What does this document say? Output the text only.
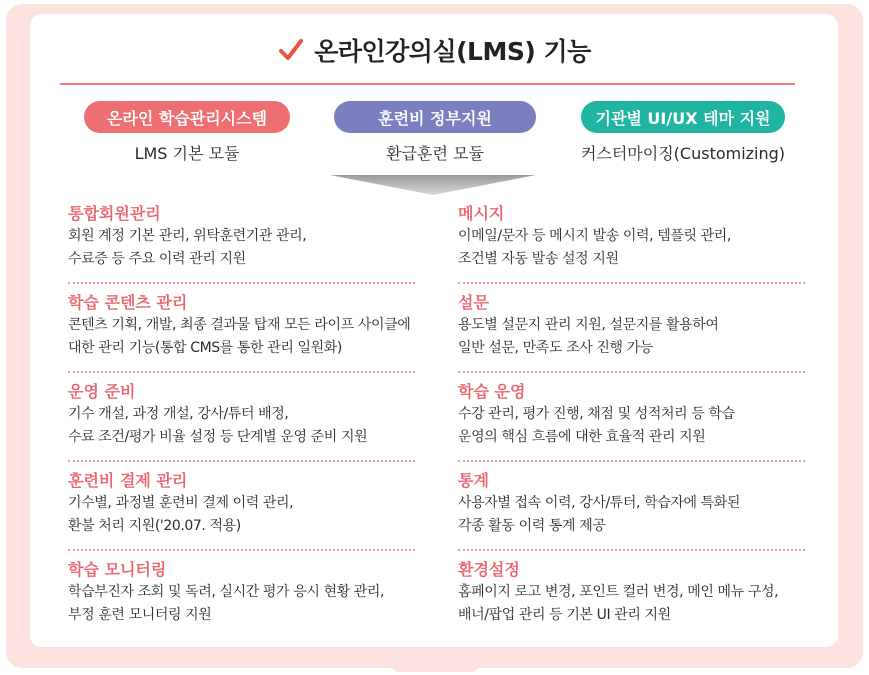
온라인강의실(LMS) 기능
온라인 학습관리시스템	훈련비 정부지원	기관별 UI/UX 테마 지원
LMS 기본 모듈	환급훈련 모듈	커스터마이징(Customizing)
통합회원관리
회원 계정 기본 관리, 위탁훈련기관 관리,
수료증 등 주요 이력 관리 지원
학습 콘텐츠 관리
콘텐츠 기획, 개발, 최종 결과물 탑재 모든 라이프 사이클에
대한 관리 기능(통합 CMS를 통한 관리 일원화)
운영 준비
기수 개설, 과정 개설, 강사/튜터 배정,
수료 조건/평가 비율 설정 등 단계별 운영 준비 지원
훈련비 결제 관리
기수별, 과정별 훈련비 결제 이력 관리,
환불 처리 지원('20.07. 적용)
학습 모니터링
학습부진자 조회 및 독려, 실시간 평가 응시 현황 관리,
부정 훈련 모니터링 지원
메시지
이메일/문자 등 메시지 발송 이력, 템플릿 관리,
조건별 자동 발송 설정 지원
설문
용도별 설문지 관리 지원, 설문지를 활용하여
일반 설문, 만족도 조사 진행 가능
학습 운영
수강 관리, 평가 진행, 채점 및 성적처리 등 학습
운영의 핵심 흐름에 대한 효율적 관리 지원
통계
사용자별 접속 이력, 강사/튜터, 학습자에 특화된
각종 활동 이력 통계 제공
환경설정
홈페이지 로고 변경, 포인트 컬러 변경, 메인 메뉴 구성,
배너/팝업 관리 등 기본 UI 관리 지원
